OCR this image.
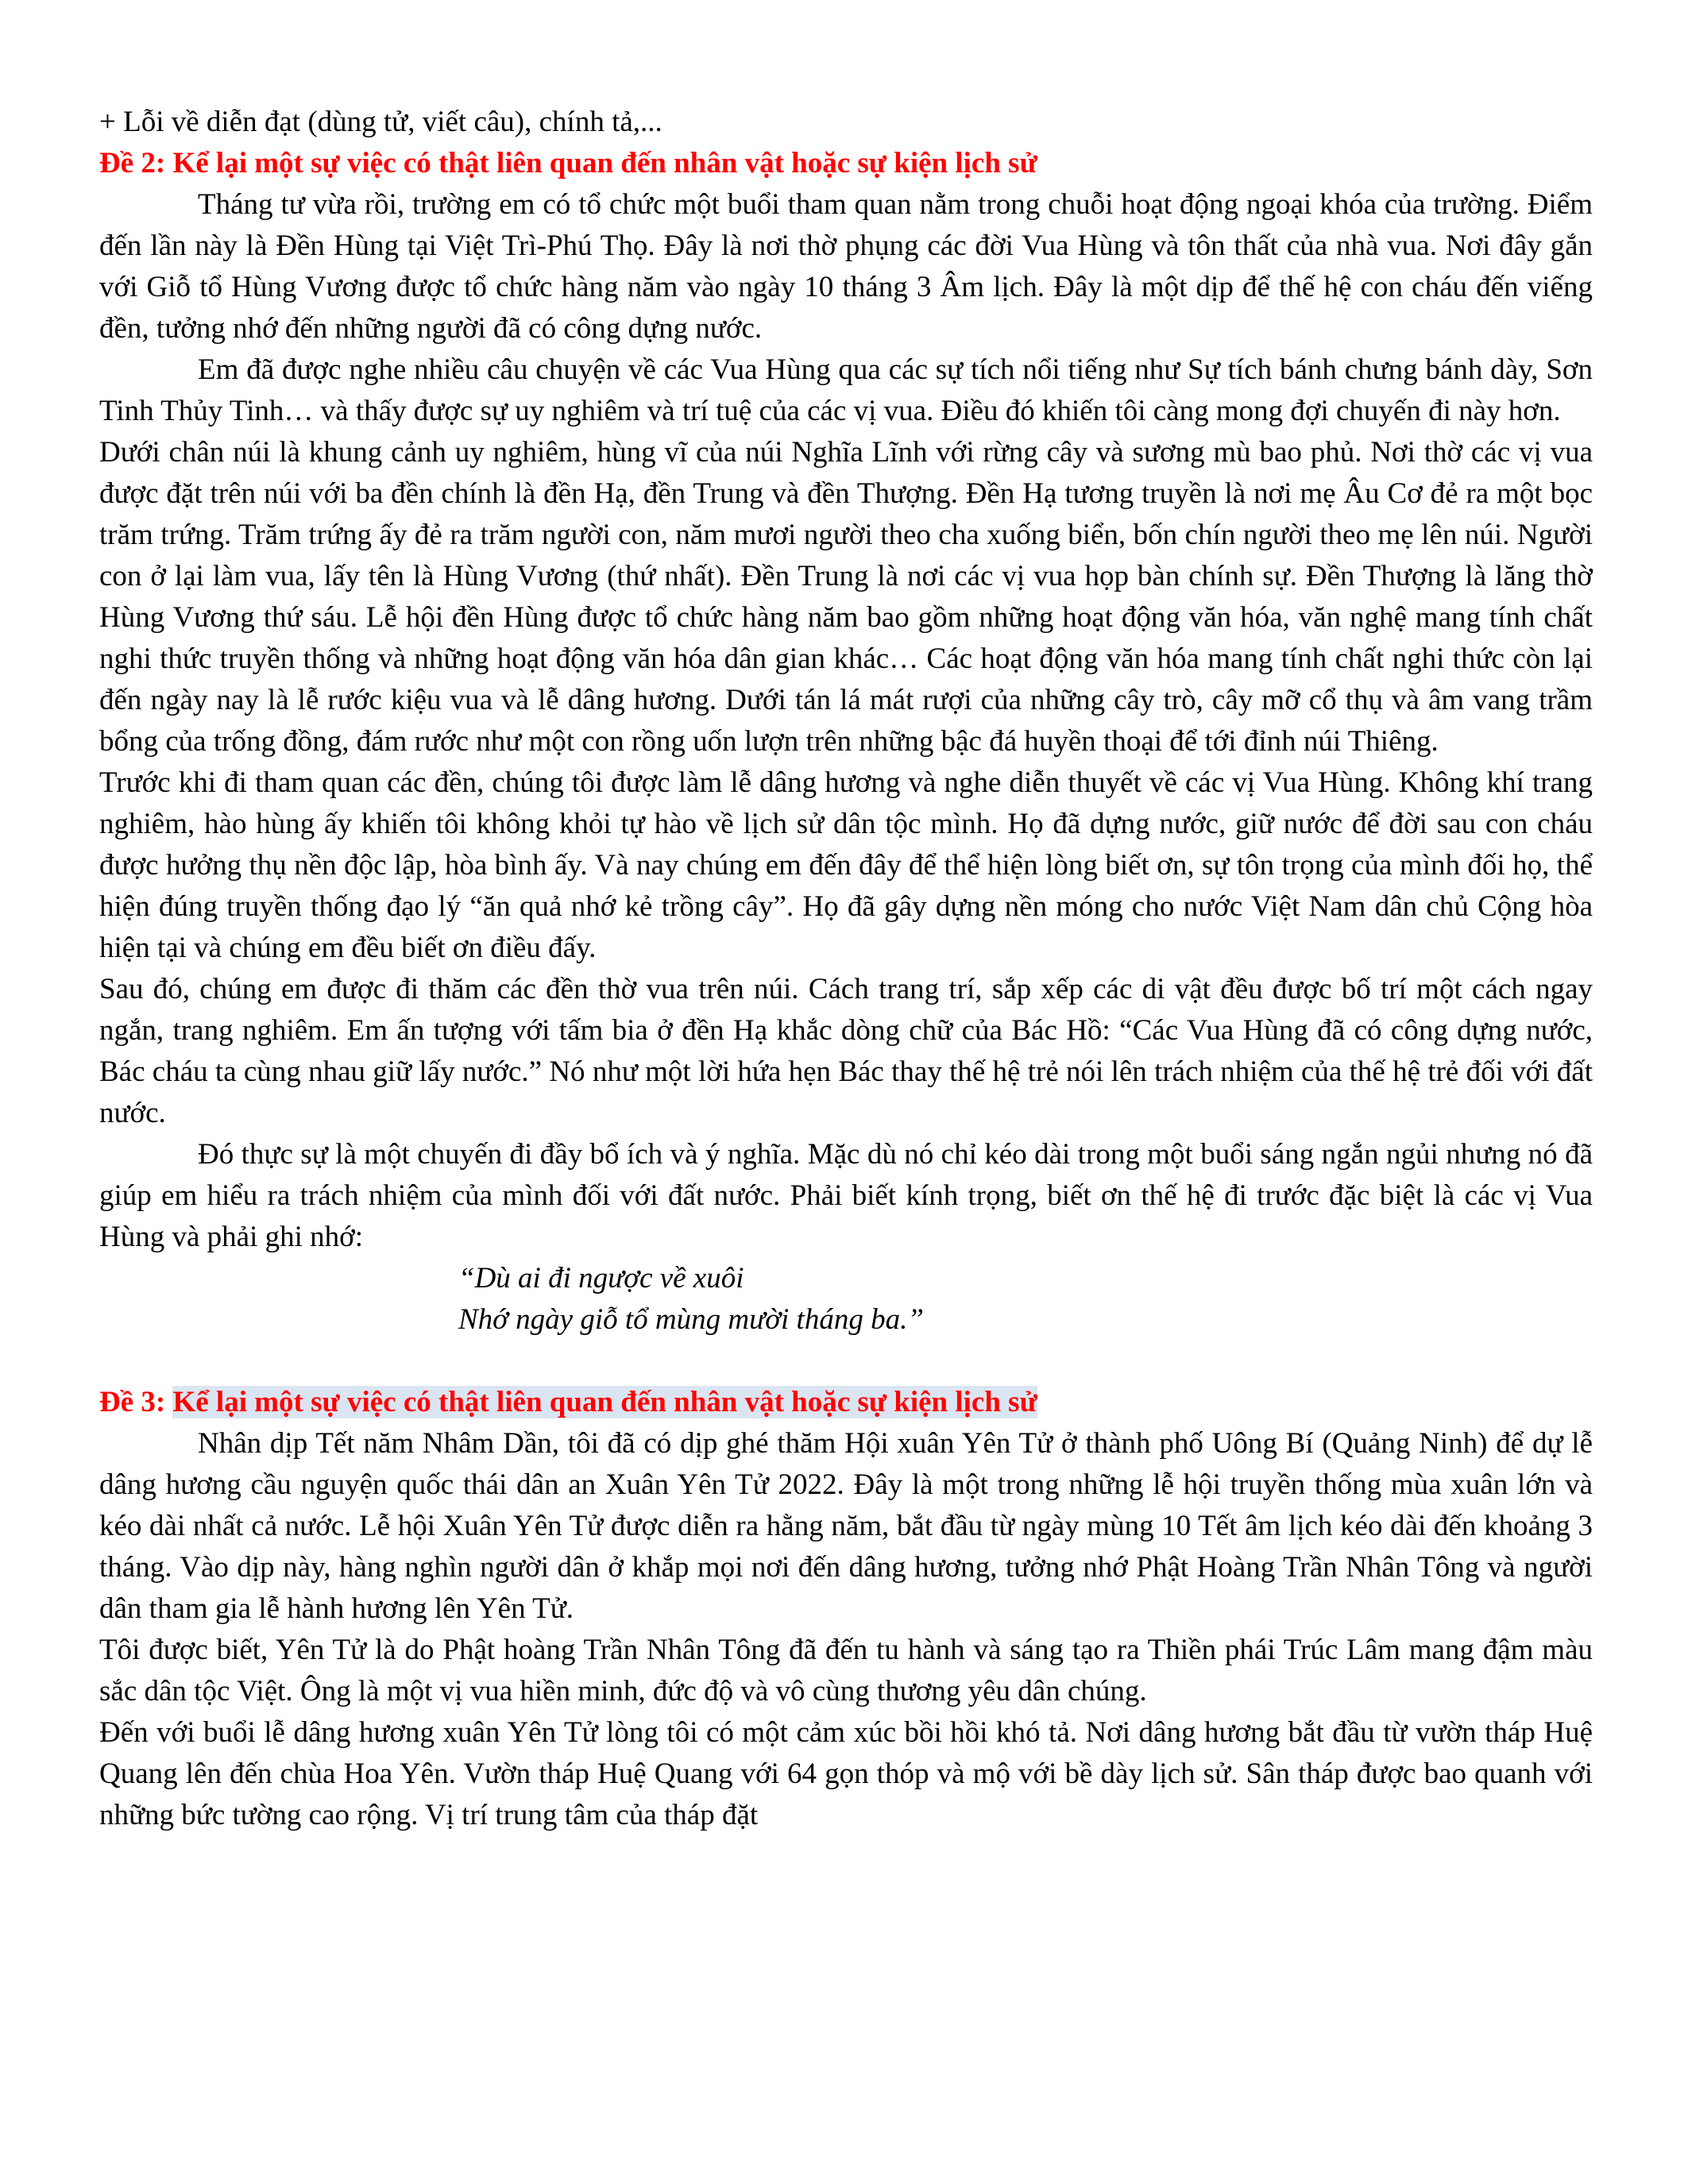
+ Lỗi về diễn đạt (dùng tử, viết câu), chính tả,...

Đề 2: Kể lại một sự việc có thật liên quan đến nhân vật hoặc sự kiện lịch sử

Tháng tư vừa rồi, trường em có tổ chức một buổi tham quan nằm trong chuỗi hoạt động ngoại khóa của trường. Điểm đến lần này là Đền Hùng tại Việt Trì-Phú Thọ. Đây là nơi thờ phụng các đời Vua Hùng và tôn thất của nhà vua. Nơi đây gắn với Giỗ tổ Hùng Vương được tổ chức hàng năm vào ngày 10 tháng 3 Âm lịch. Đây là một dịp để thế hệ con cháu đến viếng đền, tưởng nhớ đến những người đã có công dựng nước.

Em đã được nghe nhiều câu chuyện về các Vua Hùng qua các sự tích nổi tiếng như Sự tích bánh chưng bánh dày, Sơn Tinh Thủy Tinh… và thấy được sự uy nghiêm và trí tuệ của các vị vua. Điều đó khiến tôi càng mong đợi chuyến đi này hơn.

Dưới chân núi là khung cảnh uy nghiêm, hùng vĩ của núi Nghĩa Lĩnh với rừng cây và sương mù bao phủ. Nơi thờ các vị vua được đặt trên núi với ba đền chính là đền Hạ, đền Trung và đền Thượng. Đền Hạ tương truyền là nơi mẹ Âu Cơ đẻ ra một bọc trăm trứng. Trăm trứng ấy đẻ ra trăm người con, năm mươi người theo cha xuống biển, bốn chín người theo mẹ lên núi. Người con ở lại làm vua, lấy tên là Hùng Vương (thứ nhất). Đền Trung là nơi các vị vua họp bàn chính sự. Đền Thượng là lăng thờ Hùng Vương thứ sáu. Lễ hội đền Hùng được tổ chức hàng năm bao gồm những hoạt động văn hóa, văn nghệ mang tính chất nghi thức truyền thống và những hoạt động văn hóa dân gian khác… Các hoạt động văn hóa mang tính chất nghi thức còn lại đến ngày nay là lễ rước kiệu vua và lễ dâng hương. Dưới tán lá mát rượi của những cây trò, cây mỡ cổ thụ và âm vang trầm bổng của trống đồng, đám rước như một con rồng uốn lượn trên những bậc đá huyền thoại để tới đỉnh núi Thiêng.

Trước khi đi tham quan các đền, chúng tôi được làm lễ dâng hương và nghe diễn thuyết về các vị Vua Hùng. Không khí trang nghiêm, hào hùng ấy khiến tôi không khỏi tự hào về lịch sử dân tộc mình. Họ đã dựng nước, giữ nước để đời sau con cháu được hưởng thụ nền độc lập, hòa bình ấy. Và nay chúng em đến đây để thể hiện lòng biết ơn, sự tôn trọng của mình đối họ, thể hiện đúng truyền thống đạo lý “ăn quả nhớ kẻ trồng cây”. Họ đã gây dựng nền móng cho nước Việt Nam dân chủ Cộng hòa hiện tại và chúng em đều biết ơn điều đấy.

Sau đó, chúng em được đi thăm các đền thờ vua trên núi. Cách trang trí, sắp xếp các di vật đều được bố trí một cách ngay ngắn, trang nghiêm. Em ấn tượng với tấm bia ở đền Hạ khắc dòng chữ của Bác Hồ: “Các Vua Hùng đã có công dựng nước, Bác cháu ta cùng nhau giữ lấy nước.” Nó như một lời hứa hẹn Bác thay thế hệ trẻ nói lên trách nhiệm của thế hệ trẻ đối với đất nước.

Đó thực sự là một chuyến đi đầy bổ ích và ý nghĩa. Mặc dù nó chỉ kéo dài trong một buổi sáng ngắn ngủi nhưng nó đã giúp em hiểu ra trách nhiệm của mình đối với đất nước. Phải biết kính trọng, biết ơn thế hệ đi trước đặc biệt là các vị Vua Hùng và phải ghi nhớ:

“Dù ai đi ngược về xuôi

Nhớ ngày giỗ tổ mùng mười tháng ba.”

Đề 3: Kể lại một sự việc có thật liên quan đến nhân vật hoặc sự kiện lịch sử

Nhân dịp Tết năm Nhâm Dần, tôi đã có dịp ghé thăm Hội xuân Yên Tử ở thành phố Uông Bí (Quảng Ninh) để dự lễ dâng hương cầu nguyện quốc thái dân an Xuân Yên Tử 2022. Đây là một trong những lễ hội truyền thống mùa xuân lớn và kéo dài nhất cả nước. Lễ hội Xuân Yên Tử được diễn ra hằng năm, bắt đầu từ ngày mùng 10 Tết âm lịch kéo dài đến khoảng 3 tháng. Vào dịp này, hàng nghìn người dân ở khắp mọi nơi đến dâng hương, tưởng nhớ Phật Hoàng Trần Nhân Tông và người dân tham gia lễ hành hương lên Yên Tử.

Tôi được biết, Yên Tử là do Phật hoàng Trần Nhân Tông đã đến tu hành và sáng tạo ra Thiền phái Trúc Lâm mang đậm màu sắc dân tộc Việt. Ông là một vị vua hiền minh, đức độ và vô cùng thương yêu dân chúng.

Đến với buổi lễ dâng hương xuân Yên Tử lòng tôi có một cảm xúc bồi hồi khó tả. Nơi dâng hương bắt đầu từ vườn tháp Huệ Quang lên đến chùa Hoa Yên. Vườn tháp Huệ Quang với 64 gọn thóp và mộ với bề dày lịch sử. Sân tháp được bao quanh với những bức tường cao rộng. Vị trí trung tâm của tháp đặt
